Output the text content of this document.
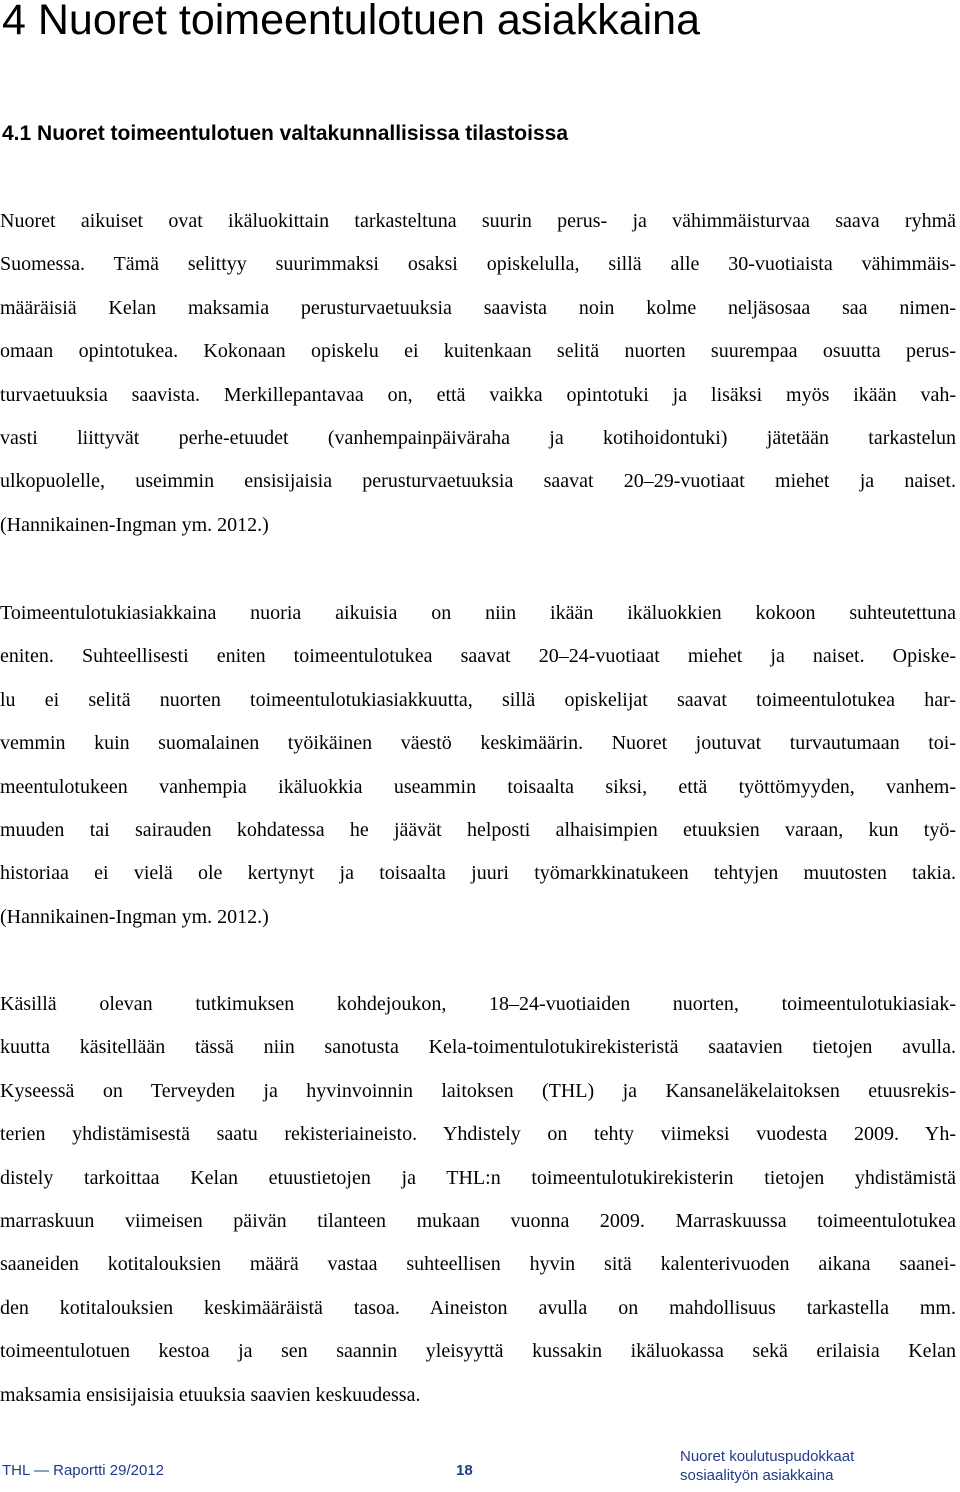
4 Nuoret toimeentulotuen asiakkaina
4.1 Nuoret toimeentulotuen valtakunnallisissa tilastoissa
Nuoret aikuiset ovat ikäluokittain tarkasteltuna suurin perus- ja vähimmäisturvaa saava ryhmä
Suomessa. Tämä selittyy suurimmaksi osaksi opiskelulla, sillä alle 30-vuotiaista vähimmäis-
määräisiä Kelan maksamia perusturvaetuuksia saavista noin kolme neljäsosaa saa nimen-
omaan opintotukea. Kokonaan opiskelu ei kuitenkaan selitä nuorten suurempaa osuutta perus-
turvaetuuksia saavista. Merkillepantavaa on, että vaikka opintotuki ja lisäksi myös ikään vah-
vasti liittyvät perhe-etuudet (vanhempainpäiväraha ja kotihoidontuki) jätetään tarkastelun
ulkopuolelle, useimmin ensisijaisia perusturvaetuuksia saavat 20–29-vuotiaat miehet ja naiset.
(Hannikainen-Ingman ym. 2012.)
Toimeentulotukiasiakkaina nuoria aikuisia on niin ikään ikäluokkien kokoon suhteutettuna
eniten. Suhteellisesti eniten toimeentulotukea saavat 20–24-vuotiaat miehet ja naiset. Opiske-
lu ei selitä nuorten toimeentulotukiasiakkuutta, sillä opiskelijat saavat toimeentulotukea har-
vemmin kuin suomalainen työikäinen väestö keskimäärin. Nuoret joutuvat turvautumaan toi-
meentulotukeen vanhempia ikäluokkia useammin toisaalta siksi, että työttömyyden, vanhem-
muuden tai sairauden kohdatessa he jäävät helposti alhaisimpien etuuksien varaan, kun työ-
historiaa ei vielä ole kertynyt ja toisaalta juuri työmarkkinatukeen tehtyjen muutosten takia.
(Hannikainen-Ingman ym. 2012.)
Käsillä olevan tutkimuksen kohdejoukon, 18–24-vuotiaiden nuorten, toimeentulotukiasiak-
kuutta käsitellään tässä niin sanotusta Kela-toimentulotukirekisteristä saatavien tietojen avulla.
Kyseessä on Terveyden ja hyvinvoinnin laitoksen (THL) ja Kansaneläkelaitoksen etuusrekis-
terien yhdistämisestä saatu rekisteriaineisto. Yhdistely on tehty viimeksi vuodesta 2009. Yh-
distely tarkoittaa Kelan etuustietojen ja THL:n toimeentulotukirekisterin tietojen yhdistämistä
marraskuun viimeisen päivän tilanteen mukaan vuonna 2009. Marraskuussa toimeentulotukea
saaneiden kotitalouksien määrä vastaa suhteellisen hyvin sitä kalenterivuoden aikana saanei-
den kotitalouksien keskimääräistä tasoa. Aineiston avulla on mahdollisuus tarkastella mm.
toimeentulotuen kestoa ja sen saannin yleisyyttä kussakin ikäluokassa sekä erilaisia Kelan
maksamia ensisijaisia etuuksia saavien keskuudessa.
THL — Raportti 29/2012	18
Nuoret koulutuspudokkaat
sosiaalityön asiakkaina
